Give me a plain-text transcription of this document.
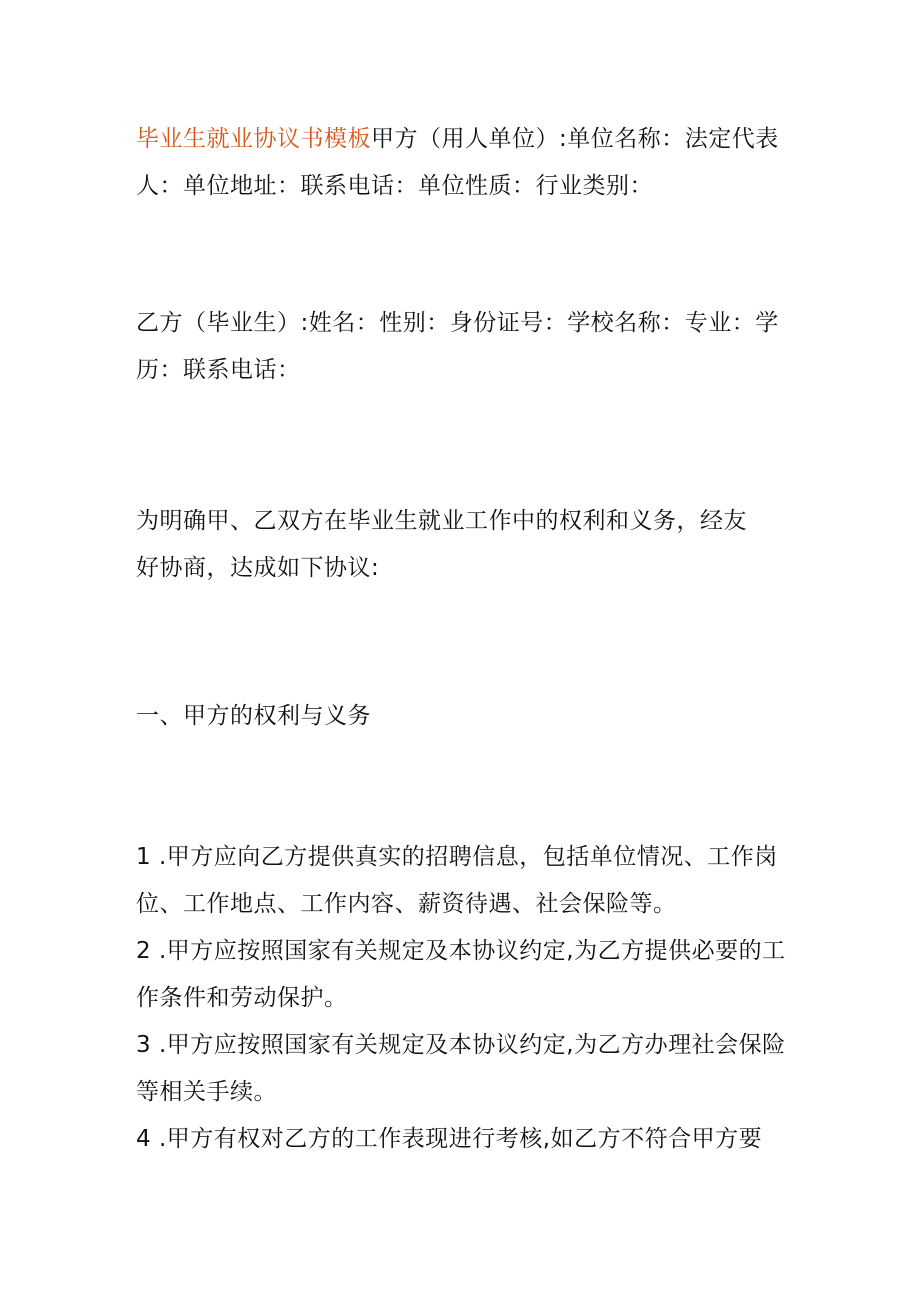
毕业生就业协议书模板甲方（用人单位）:单位名称：法定代表人：单位地址：联系电话：单位性质：行业类别：

乙方（毕业生）:姓名：性别：身份证号：学校名称：专业：学历：联系电话：

为明确甲、乙双方在毕业生就业工作中的权利和义务，经友好协商，达成如下协议:

一、甲方的权利与义务

1 .甲方应向乙方提供真实的招聘信息，包括单位情况、工作岗位、工作地点、工作内容、薪资待遇、社会保险等。
2 .甲方应按照国家有关规定及本协议约定,为乙方提供必要的工作条件和劳动保护。
3 .甲方应按照国家有关规定及本协议约定,为乙方办理社会保险等相关手续。
4 .甲方有权对乙方的工作表现进行考核,如乙方不符合甲方要
